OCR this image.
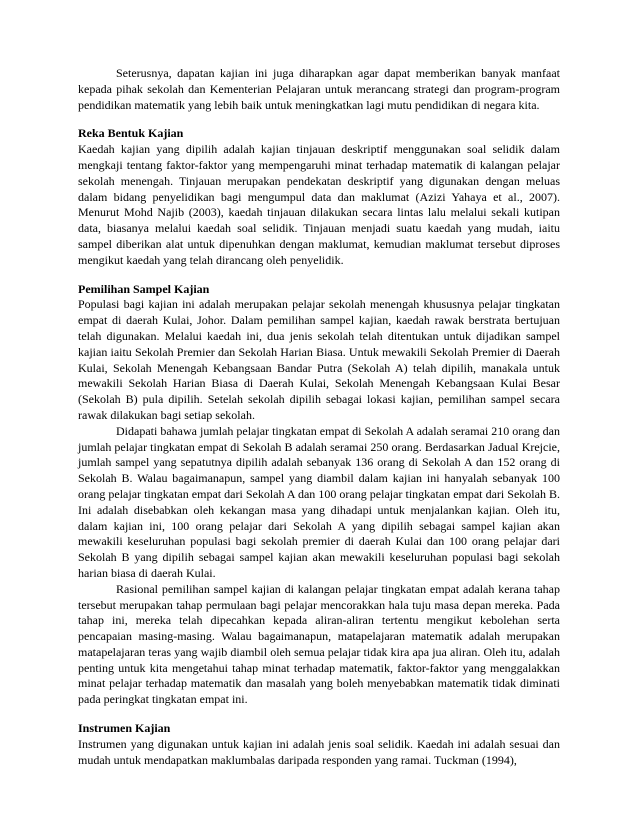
Seterusnya, dapatan kajian ini juga diharapkan agar dapat memberikan banyak manfaat kepada pihak sekolah dan Kementerian Pelajaran untuk merancang strategi dan program-program pendidikan matematik yang lebih baik untuk meningkatkan lagi mutu pendidikan di negara kita.

Reka Bentuk Kajian

Kaedah kajian yang dipilih adalah kajian tinjauan deskriptif menggunakan soal selidik dalam mengkaji tentang faktor-faktor yang mempengaruhi minat terhadap matematik di kalangan pelajar sekolah menengah. Tinjauan merupakan pendekatan deskriptif yang digunakan dengan meluas dalam bidang penyelidikan bagi mengumpul data dan maklumat (Azizi Yahaya et al., 2007). Menurut Mohd Najib (2003), kaedah tinjauan dilakukan secara lintas lalu melalui sekali kutipan data, biasanya melalui kaedah soal selidik. Tinjauan menjadi suatu kaedah yang mudah, iaitu sampel diberikan alat untuk dipenuhkan dengan maklumat, kemudian maklumat tersebut diproses mengikut kaedah yang telah dirancang oleh penyelidik.

Pemilihan Sampel Kajian

Populasi bagi kajian ini adalah merupakan pelajar sekolah menengah khususnya pelajar tingkatan empat di daerah Kulai, Johor. Dalam pemilihan sampel kajian, kaedah rawak berstrata bertujuan telah digunakan. Melalui kaedah ini, dua jenis sekolah telah ditentukan untuk dijadikan sampel kajian iaitu Sekolah Premier dan Sekolah Harian Biasa. Untuk mewakili Sekolah Premier di Daerah Kulai, Sekolah Menengah Kebangsaan Bandar Putra (Sekolah A) telah dipilih, manakala untuk mewakili Sekolah Harian Biasa di Daerah Kulai, Sekolah Menengah Kebangsaan Kulai Besar (Sekolah B) pula dipilih. Setelah sekolah dipilih sebagai lokasi kajian, pemilihan sampel secara rawak dilakukan bagi setiap sekolah.

Didapati bahawa jumlah pelajar tingkatan empat di Sekolah A adalah seramai 210 orang dan jumlah pelajar tingkatan empat di Sekolah B adalah seramai 250 orang. Berdasarkan Jadual Krejcie, jumlah sampel yang sepatutnya dipilih adalah sebanyak 136 orang di Sekolah A dan 152 orang di Sekolah B. Walau bagaimanapun, sampel yang diambil dalam kajian ini hanyalah sebanyak 100 orang pelajar tingkatan empat dari Sekolah A dan 100 orang pelajar tingkatan empat dari Sekolah B. Ini adalah disebabkan oleh kekangan masa yang dihadapi untuk menjalankan kajian. Oleh itu, dalam kajian ini, 100 orang pelajar dari Sekolah A yang dipilih sebagai sampel kajian akan mewakili keseluruhan populasi bagi sekolah premier di daerah Kulai dan 100 orang pelajar dari Sekolah B yang dipilih sebagai sampel kajian akan mewakili keseluruhan populasi bagi sekolah harian biasa di daerah Kulai.

Rasional pemilihan sampel kajian di kalangan pelajar tingkatan empat adalah kerana tahap tersebut merupakan tahap permulaan bagi pelajar mencorakkan hala tuju masa depan mereka. Pada tahap ini, mereka telah dipecahkan kepada aliran-aliran tertentu mengikut kebolehan serta pencapaian masing-masing. Walau bagaimanapun, matapelajaran matematik adalah merupakan matapelajaran teras yang wajib diambil oleh semua pelajar tidak kira apa jua aliran. Oleh itu, adalah penting untuk kita mengetahui tahap minat terhadap matematik, faktor-faktor yang menggalakkan minat pelajar terhadap matematik dan masalah yang boleh menyebabkan matematik tidak diminati pada peringkat tingkatan empat ini.

Instrumen Kajian

Instrumen yang digunakan untuk kajian ini adalah jenis soal selidik. Kaedah ini adalah sesuai dan mudah untuk mendapatkan maklumbalas daripada responden yang ramai. Tuckman (1994),
